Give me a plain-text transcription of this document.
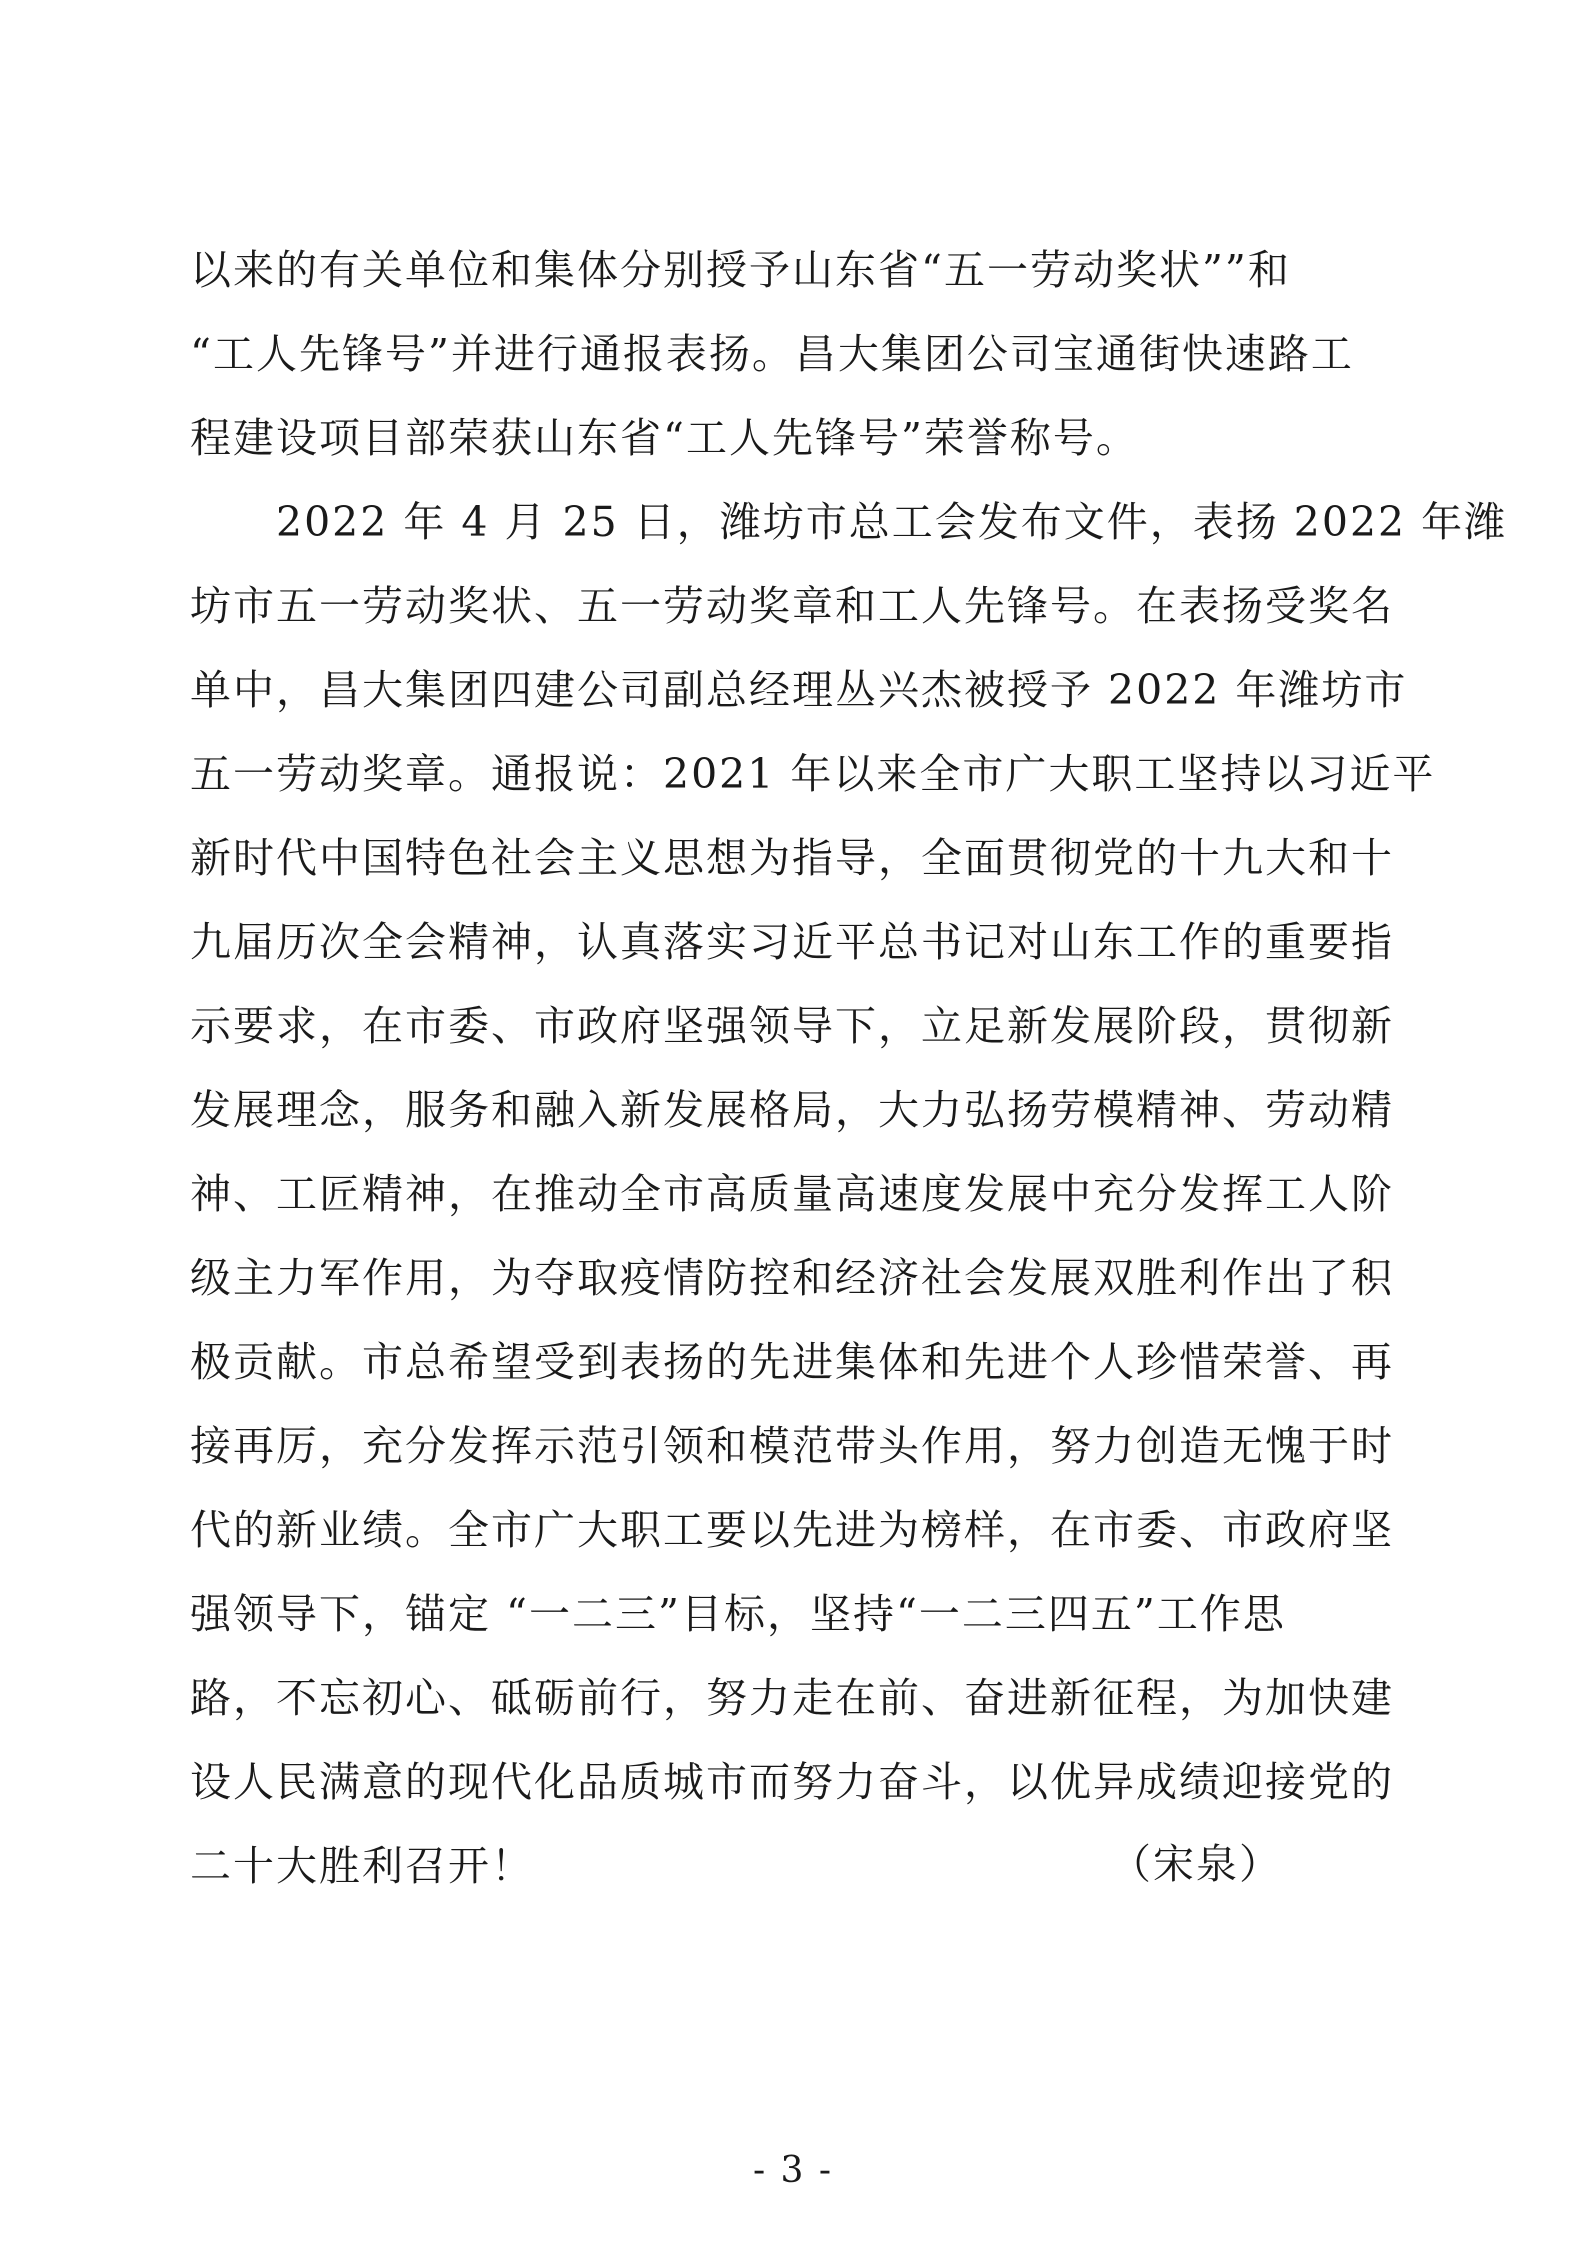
以来的有关单位和集体分别授予山东省“五一劳动奖状””和
“工人先锋号”并进行通报表扬。昌大集团公司宝通街快速路工
程建设项目部荣获山东省“工人先锋号”荣誉称号。
　　2022 年 4 月 25 日，潍坊市总工会发布文件，表扬 2022 年潍
坊市五一劳动奖状、五一劳动奖章和工人先锋号。在表扬受奖名
单中，昌大集团四建公司副总经理丛兴杰被授予 2022 年潍坊市
五一劳动奖章。通报说：2021 年以来全市广大职工坚持以习近平
新时代中国特色社会主义思想为指导，全面贯彻党的十九大和十
九届历次全会精神，认真落实习近平总书记对山东工作的重要指
示要求，在市委、市政府坚强领导下，立足新发展阶段，贯彻新
发展理念，服务和融入新发展格局，大力弘扬劳模精神、劳动精
神、工匠精神，在推动全市高质量高速度发展中充分发挥工人阶
级主力军作用，为夺取疫情防控和经济社会发展双胜利作出了积
极贡献。市总希望受到表扬的先进集体和先进个人珍惜荣誉、再
接再厉，充分发挥示范引领和模范带头作用，努力创造无愧于时
代的新业绩。全市广大职工要以先进为榜样，在市委、市政府坚
强领导下，锚定 “一二三”目标，坚持“一二三四五”工作思
路，不忘初心、砥砺前行，努力走在前、奋进新征程，为加快建
设人民满意的现代化品质城市而努力奋斗，以优异成绩迎接党的
二十大胜利召开！	（宋泉）
- 3 -
